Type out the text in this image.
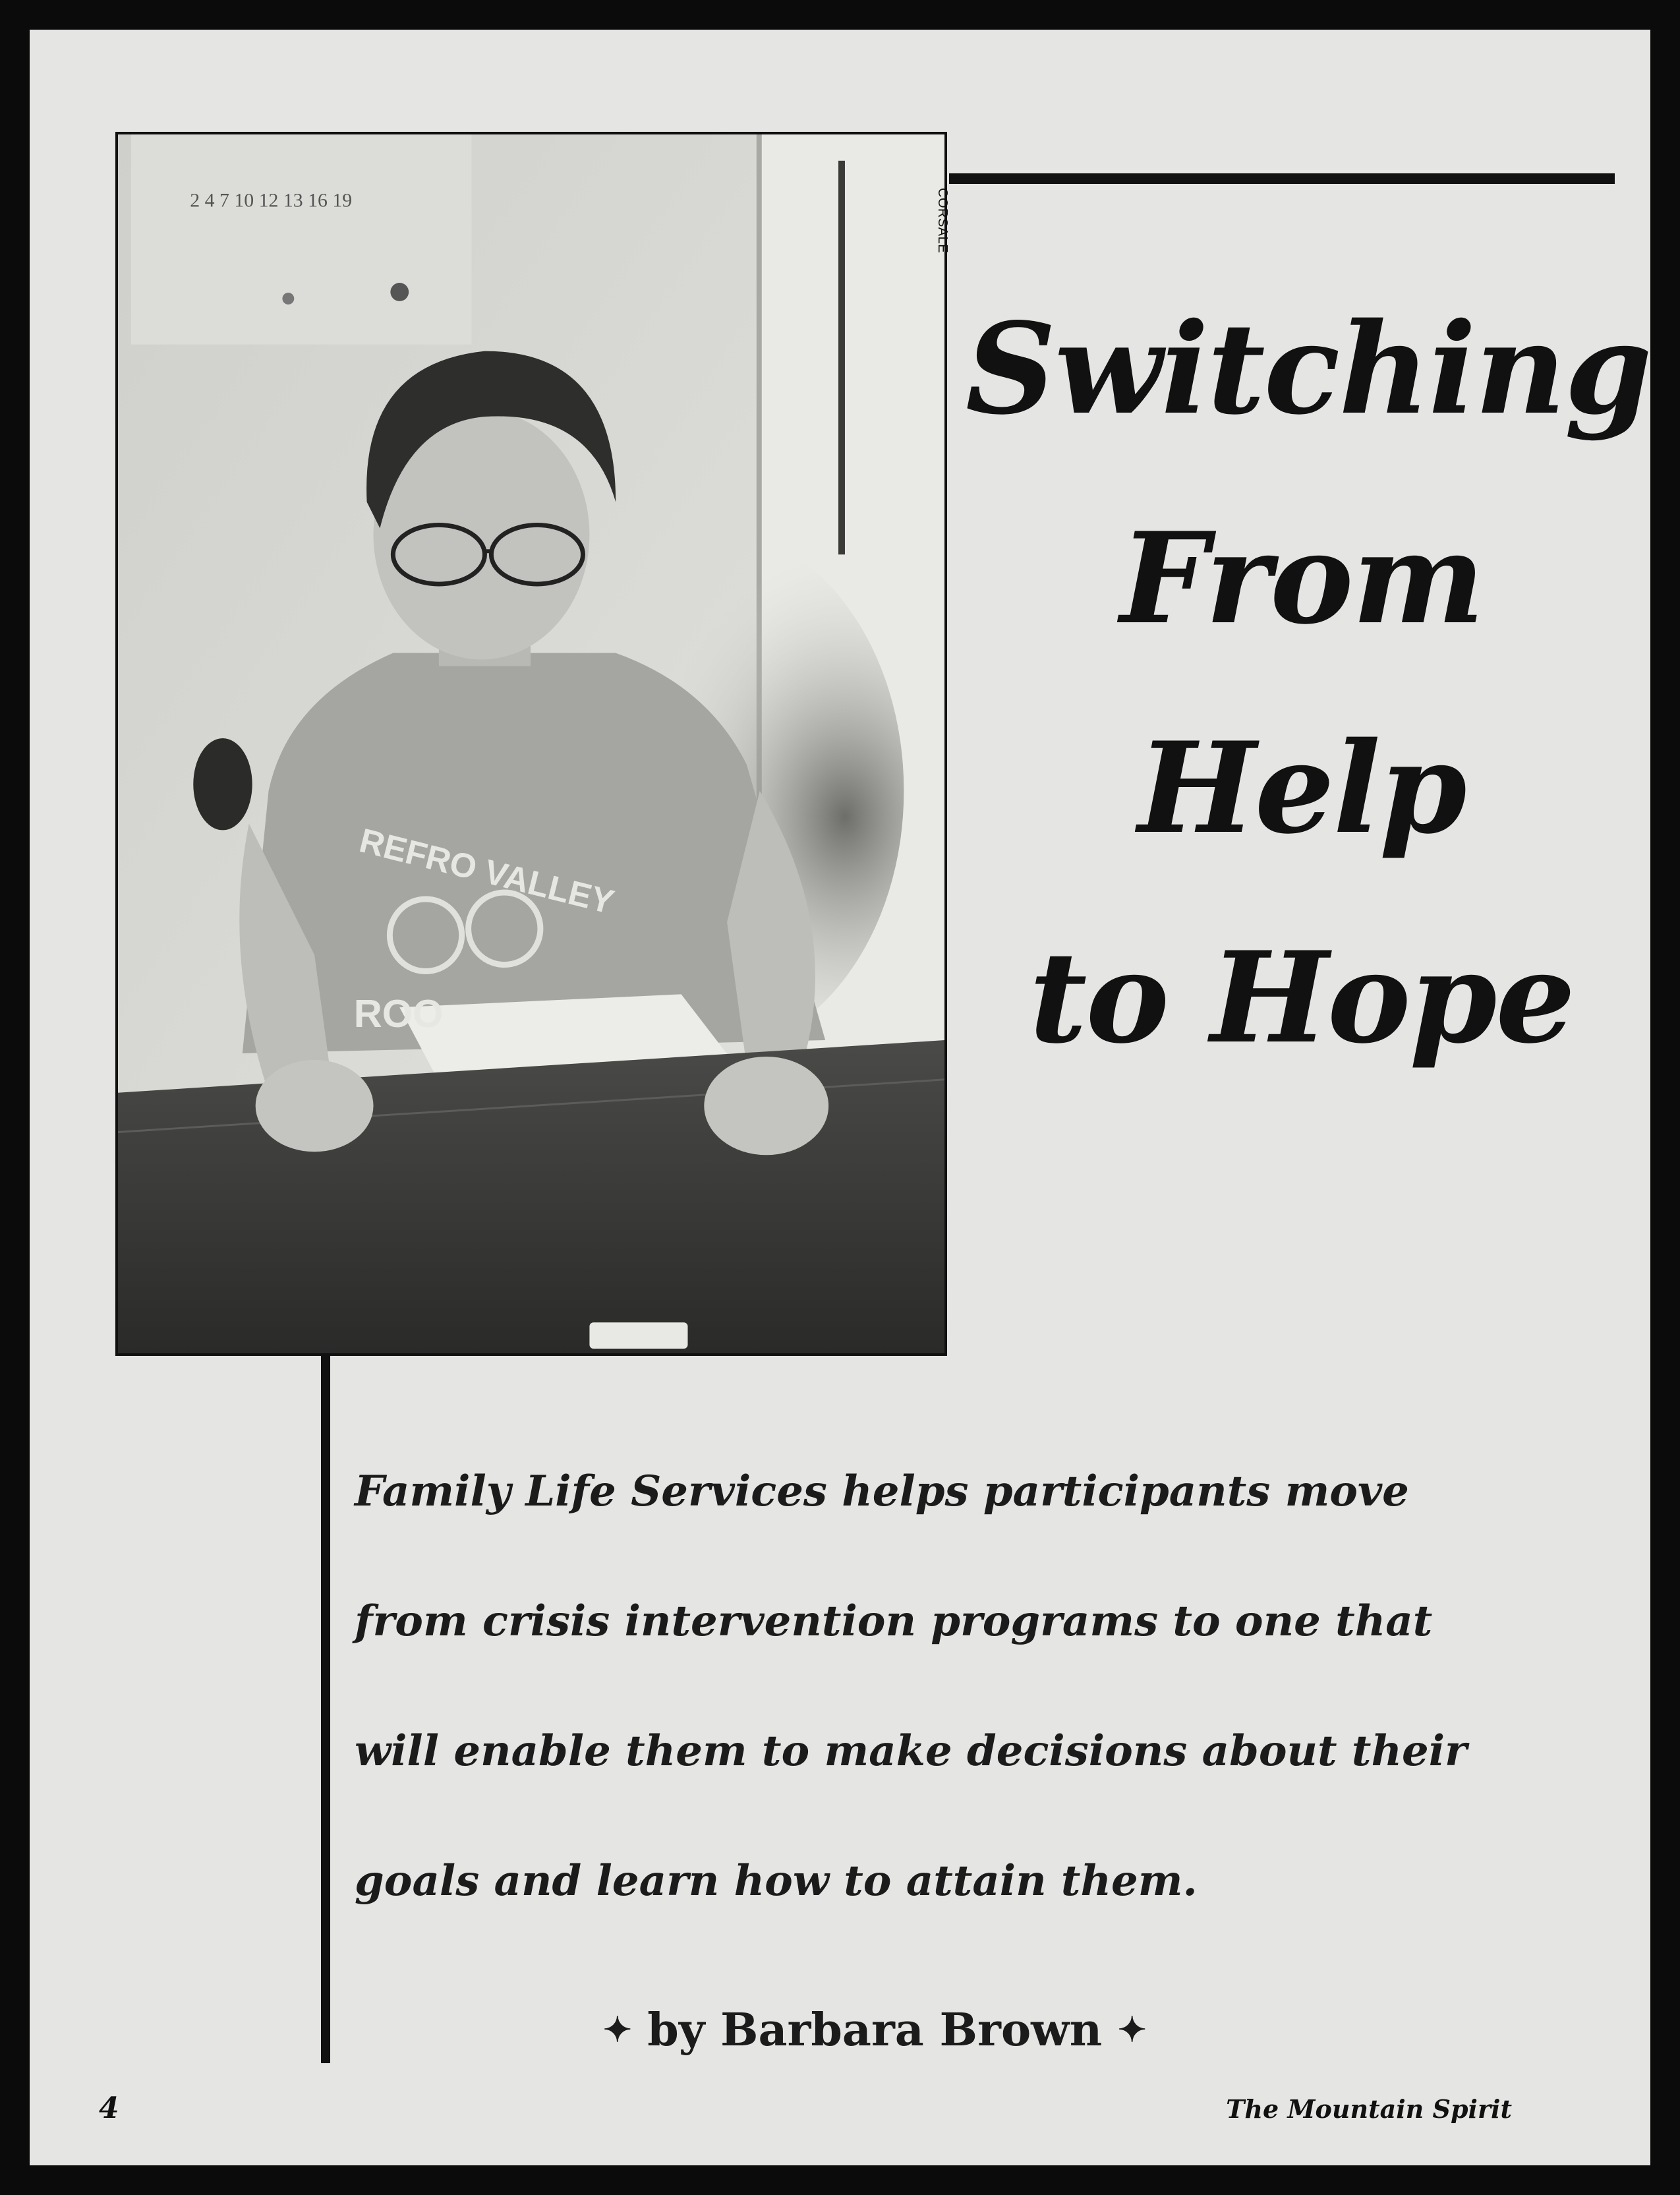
2 4 7 10 12 13 16 19
REFRO VALLEY
ROO
CORSALE
Switching
From
Help
to Hope
Family Life Services helps participants move
from crisis intervention programs to one that
will enable them to make decisions about their
goals and learn how to attain them.
✦ by Barbara Brown ✦
4	The Mountain Spirit
